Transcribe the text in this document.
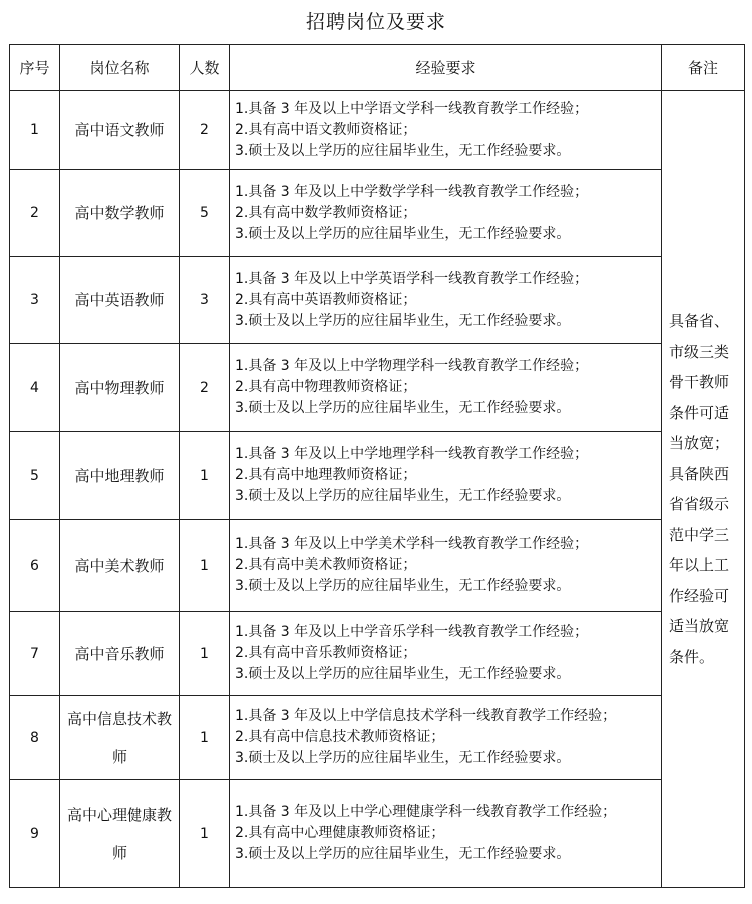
招聘岗位及要求
序号	岗位名称	人数	经验要求	备注
1	高中语文教师	2	1.具备 3 年及以上中学语文学科一线教育教学工作经验；
2.具有高中语文教师资格证；
3.硕士及以上学历的应往届毕业生，无工作经验要求。	具备省、市级三类骨干教师条件可适当放宽；具备陕西省省级示范中学三年以上工作经验可适当放宽条件。
2	高中数学教师	5	1.具备 3 年及以上中学数学学科一线教育教学工作经验；
2.具有高中数学教师资格证；
3.硕士及以上学历的应往届毕业生，无工作经验要求。	

3	高中英语教师	3	1.具备 3 年及以上中学英语学科一线教育教学工作经验；
2.具有高中英语教师资格证；
3.硕士及以上学历的应往届毕业生，无工作经验要求。	

4	高中物理教师	2	1.具备 3 年及以上中学物理学科一线教育教学工作经验；
2.具有高中物理教师资格证；
3.硕士及以上学历的应往届毕业生，无工作经验要求。	

5	高中地理教师	1	1.具备 3 年及以上中学地理学科一线教育教学工作经验；
2.具有高中地理教师资格证；
3.硕士及以上学历的应往届毕业生，无工作经验要求。	

6	高中美术教师	1	1.具备 3 年及以上中学美术学科一线教育教学工作经验；
2.具有高中美术教师资格证；
3.硕士及以上学历的应往届毕业生，无工作经验要求。	

7	高中音乐教师	1	1.具备 3 年及以上中学音乐学科一线教育教学工作经验；
2.具有高中音乐教师资格证；
3.硕士及以上学历的应往届毕业生，无工作经验要求。	

8	高中信息技术教师	1	1.具备 3 年及以上中学信息技术学科一线教育教学工作经验；
2.具有高中信息技术教师资格证；
3.硕士及以上学历的应往届毕业生，无工作经验要求。	

9	高中心理健康教师	1	1.具备 3 年及以上中学心理健康学科一线教育教学工作经验；
2.具有高中心理健康教师资格证；
3.硕士及以上学历的应往届毕业生，无工作经验要求。	
